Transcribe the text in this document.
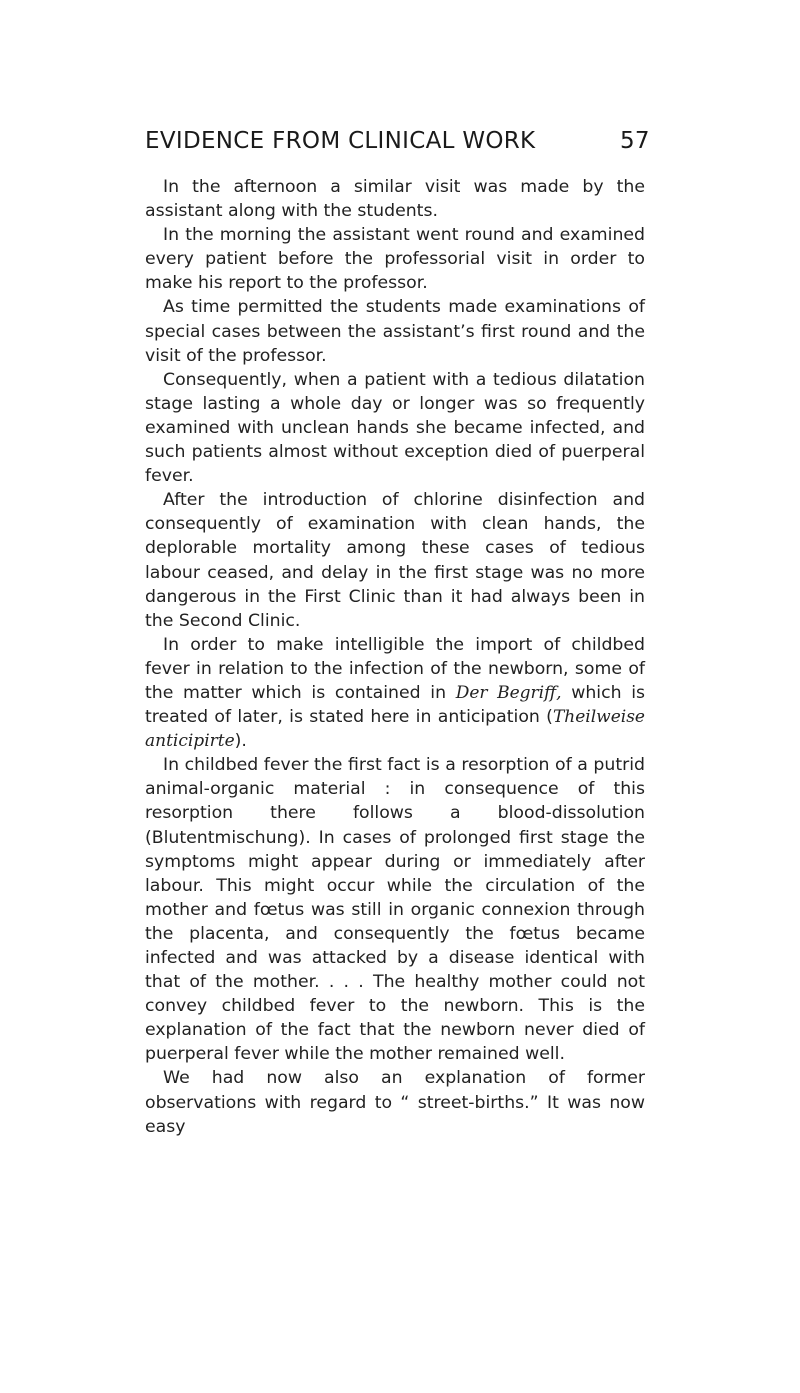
EVIDENCE FROM CLINICAL WORK	57

In the afternoon a similar visit was made by the assistant along with the students.

In the morning the assistant went round and examined every patient before the professorial visit in order to make his report to the professor.

As time permitted the students made examinations of special cases between the assistant’s first round and the visit of the professor.

Consequently, when a patient with a tedious dilatation stage lasting a whole day or longer was so frequently examined with unclean hands she became infected, and such patients almost without exception died of puerperal fever.

After the introduction of chlorine disinfection and consequently of examination with clean hands, the deplorable mortality among these cases of tedious labour ceased, and delay in the first stage was no more dangerous in the First Clinic than it had always been in the Second Clinic.

In order to make intelligible the import of childbed fever in relation to the infection of the newborn, some of the matter which is contained in Der Begriff, which is treated of later, is stated here in anticipation (Theilweise anticipirte).

In childbed fever the first fact is a resorption of a putrid animal-organic material : in consequence of this resorption there follows a blood-dissolution (Blutentmischung). In cases of prolonged first stage the symptoms might appear during or immediately after labour. This might occur while the circulation of the mother and fœtus was still in organic connexion through the placenta, and consequently the fœtus became infected and was attacked by a disease identical with that of the mother. . . . The healthy mother could not convey childbed fever to the newborn. This is the explanation of the fact that the newborn never died of puerperal fever while the mother remained well.

We had now also an explanation of former observations with regard to “ street-births.” It was now easy
